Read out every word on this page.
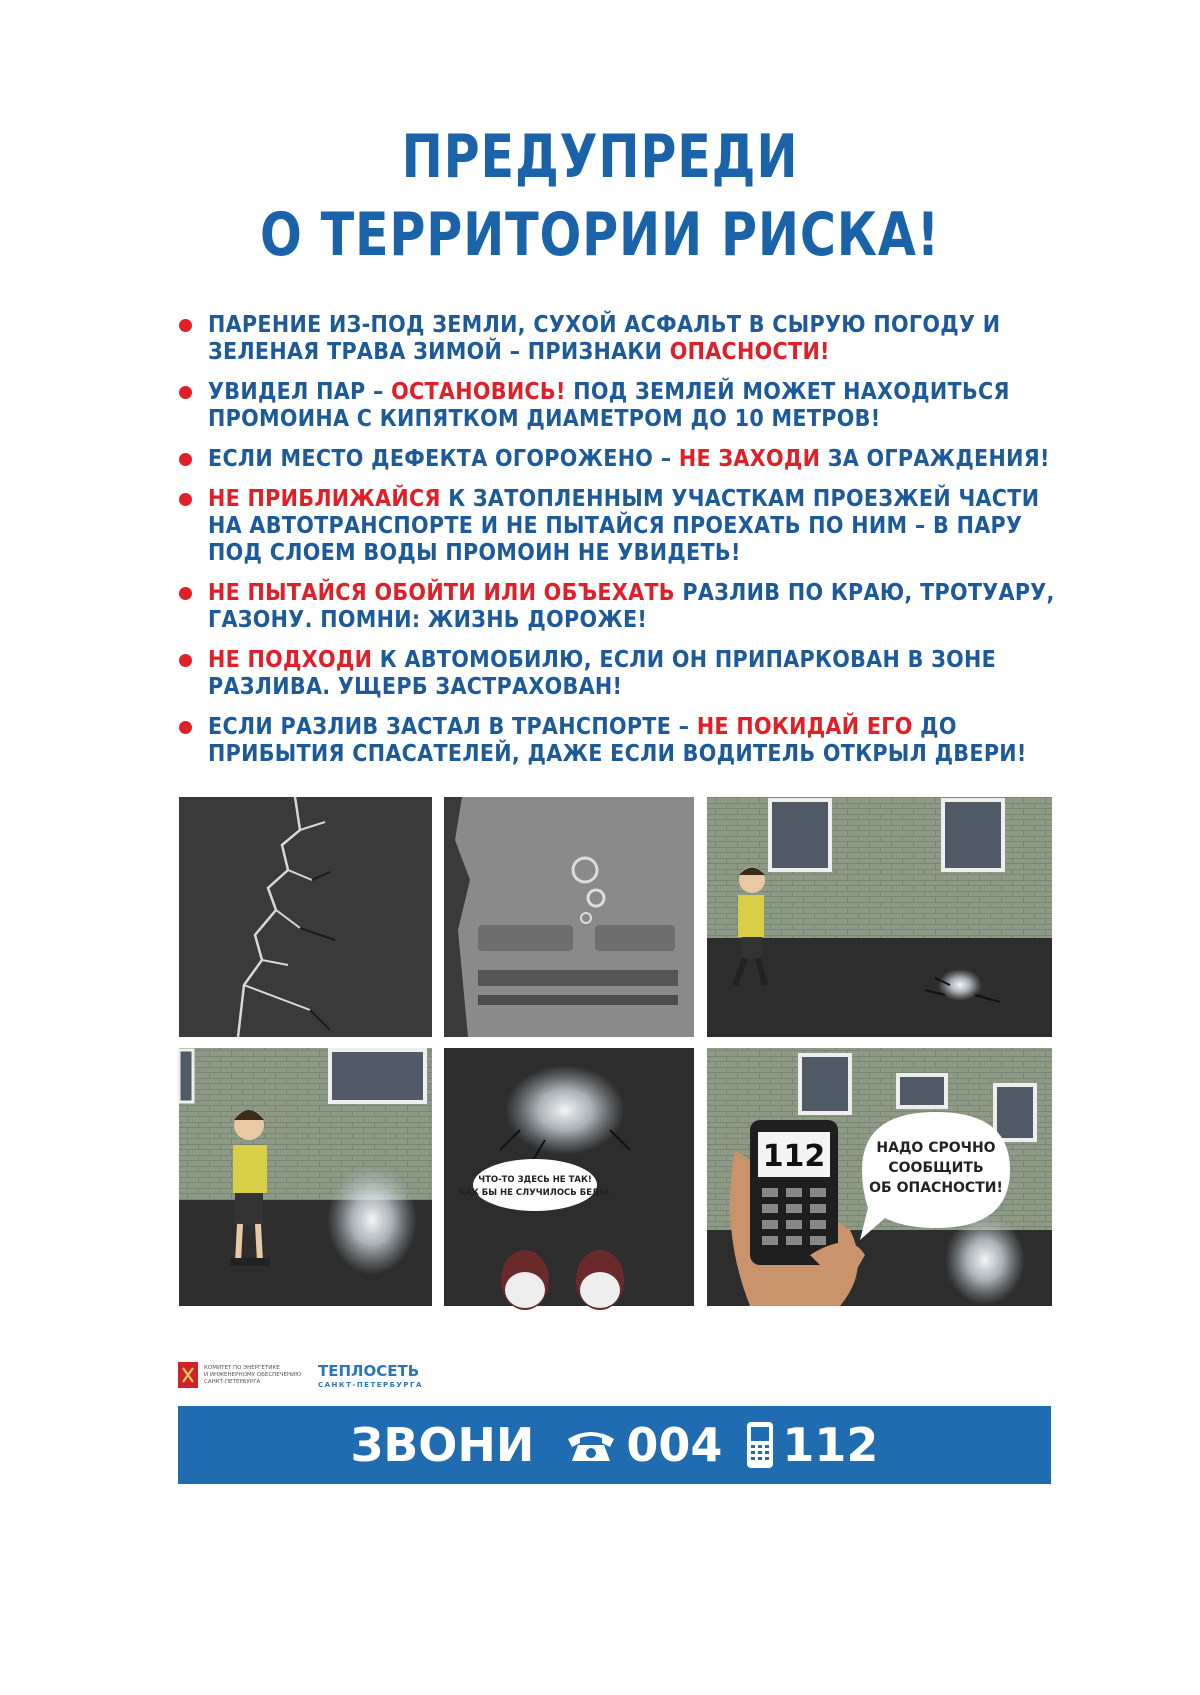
ПРЕДУПРЕДИ
О ТЕРРИТОРИИ РИСКА!
ПАРЕНИЕ ИЗ-ПОД ЗЕМЛИ, СУХОЙ АСФАЛЬТ В СЫРУЮ ПОГОДУ И ЗЕЛЕНАЯ ТРАВА ЗИМОЙ – ПРИЗНАКИ ОПАСНОСТИ!
УВИДЕЛ ПАР – ОСТАНОВИСЬ! ПОД ЗЕМЛЕЙ МОЖЕТ НАХОДИТЬСЯ ПРОМОИНА С КИПЯТКОМ ДИАМЕТРОМ ДО 10 МЕТРОВ!
ЕСЛИ МЕСТО ДЕФЕКТА ОГОРОЖЕНО – НЕ ЗАХОДИ ЗА ОГРАЖДЕНИЯ!
НЕ ПРИБЛИЖАЙСЯ К ЗАТОПЛЕННЫМ УЧАСТКАМ ПРОЕЗЖЕЙ ЧАСТИ НА АВТОТРАНСПОРТЕ И НЕ ПЫТАЙСЯ ПРОЕХАТЬ ПО НИМ – В ПАРУ ПОД СЛОЕМ ВОДЫ ПРОМОИН НЕ УВИДЕТЬ!
НЕ ПЫТАЙСЯ ОБОЙТИ ИЛИ ОБЪЕХАТЬ РАЗЛИВ ПО КРАЮ, ТРОТУАРУ, ГАЗОНУ. ПОМНИ: ЖИЗНЬ ДОРОЖЕ!
НЕ ПОДХОДИ К АВТОМОБИЛЮ, ЕСЛИ ОН ПРИПАРКОВАН В ЗОНЕ РАЗЛИВА. УЩЕРБ ЗАСТРАХОВАН!
ЕСЛИ РАЗЛИВ ЗАСТАЛ В ТРАНСПОРТЕ – НЕ ПОКИДАЙ ЕГО ДО ПРИБЫТИЯ СПАСАТЕЛЕЙ, ДАЖЕ ЕСЛИ ВОДИТЕЛЬ ОТКРЫЛ ДВЕРИ!
ЧТО-ТО ЗДЕСЬ НЕ ТАК!
КАК БЫ НЕ СЛУЧИЛОСЬ БЕДЫ.
112	НАДО СРОЧНО
СООБЩИТЬ
ОБ ОПАСНОСТИ!
КОМИТЕТ ПО ЭНЕРГЕТИКЕ
И ИНЖЕНЕРНОМУ ОБЕСПЕЧЕНИЮ
САНКТ-ПЕТЕРБУРГА
ТЕПЛОСЕТЬ
САНКТ-ПЕТЕРБУРГА
ЗВОНИ 004 112
